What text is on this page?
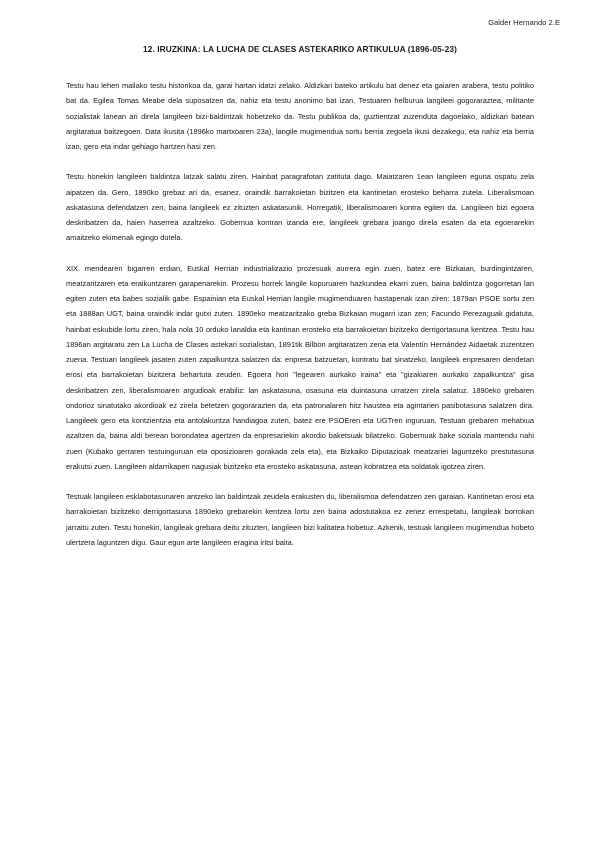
Galder Hernando 2.E
12. IRUZKINA: LA LUCHA DE CLASES ASTEKARIKO ARTIKULUA (1896-05-23)

Testu hau lehen mailako testu historikoa da, garai hartan idatzi zelako. Aldizkari bateko artikulu bat denez eta gaiaren arabera, testu politiko bat da. Egilea Tomas Meabe dela suposatzen da, nahiz eta testu anonimo bat izan. Testuaren helburua langileei gogoraraztea, militante sozialistak lanean ari direla langileen bizi-baldintzak hobetzeko da. Testu publikoa da, guztientzat zuzenduta dagoelako, aldizkari batean argitaratua baitzegoen. Data ikusita (1896ko martxoaren 23a), langile mugimendua sortu berria zegoela ikusi dezakegu, eta nahiz eta berria izan, gero eta indar gehiago hartzen hasi zen.

Testu honekin langileen baldintza latzak salatu ziren. Hainbat paragrafotan zatituta dago. Maiatzaren 1ean langileen eguna ospatu zela aipatzen da. Gero, 1890ko grebaz ari da, esanez, oraindik barrakoietan bizitzen eta kantinetan erosteko beharra zutela. Liberalismoan askatasuna defendatzen zen, baina langileek ez zituzten askatasunik. Horregatik, liberalismoaren kontra egiten da. Langileen bizi egoera deskribatzen da, haien haserrea azaltzeko. Gobernua kontran izanda ere, langileek grebara joango direla esaten da eta egoerarekin amaitzeko ekimenak egingo dutela.

XIX. mendearen bigarren erdian, Euskal Herrian industrializazio prozesuak aurrera egin zuen, batez ere Bizkaian, burdingintzaren, meatzaritzaren eta eraikuntzaren garapenarekin. Prozesu horrek langile kopuruaren hazkundea ekarri zuen, baina baldintza gogorretan lan egiten zuten eta babes sozialik gabe. Espainian eta Euskal Herrian langile mugimenduaren hastapenak izan ziren: 1879an PSOE sortu zen eta 1888an UGT, baina oraindik indar gutxi zuten. 1890eko meatzaritzako greba Bizkaian mugarri izan zen; Facundo Perezaguak gidatuta, hainbat eskubide lortu ziren, hala nola 10 orduko lanaldia eta kantinan erosteko eta barrakoietan bizitzeko derrigortasuna kentzea. Testu hau 1896an argitaratu zen La Lucha de Clases astekari sozialistan, 1891tik Bilbon argitaratzen zena eta Valentín Hernández Aidaetak zuzentzen zuena. Testuan langileek jasaten zuten zapalkuntza salatzen da: enpresa batzuetan, kontratu bat sinatzeko, langileek enpresaren dendetan erosi eta barrakoietan bizitzera behartuta zeuden. Egoera hori "legearen aurkako iraina" eta "gizakiaren aurkako zapalkuntza" gisa deskribatzen zen, liberalismoaren argudioak erabiliz: lan askatasuna, osasuna eta duintasuna urratzen zirela salatuz. 1890eko grebaren ondorioz sinatutako akordioak ez zirela betetzen gogorarazten da, eta patronalaren hitz haustea eta agintarien pasibotasuna salatzen dira. Langileek gero eta kontzientzia eta antolakuntza handiagoa zuten, batez ere PSOEren eta UGTren inguruan. Testuan grebaren mehatxua azaltzen da, baina aldi berean borondatea agertzen da enpresariekin akordio baketsuak bilatzeko. Gobernuak bake soziala mantendu nahi zuen (Kubako gerraren testuinguruan eta oposizioaren gorakada zela eta), eta Bizkaiko Diputazioak meatzariei laguntzeko prestutasuna erakutsi zuen. Langileen aldarrikapen nagusiak bizitzeko eta erosteko askatasuna, astean kobratzea eta soldatak igotzea ziren.

Testuak langileen esklabotasunaren antzeko lan baldintzak zeudela erakusten du, liberalismoa defendatzen zen garaian. Kantinetan erosi eta barrakoietan bizitzeko derrigortasuna 1890eko grebarekin kentzea lortu zen baina adostutakoa ez zenez errespetatu, langileak borrokan jarraitu zuten. Testu honekin, langileak grebara deitu zituzten, langileen bizi kalitatea hobetuz. Azkenik, testuak langileen mugimendua hobeto ulertzera laguntzen digu. Gaur egun arte langileen eragina iritsi baita.
